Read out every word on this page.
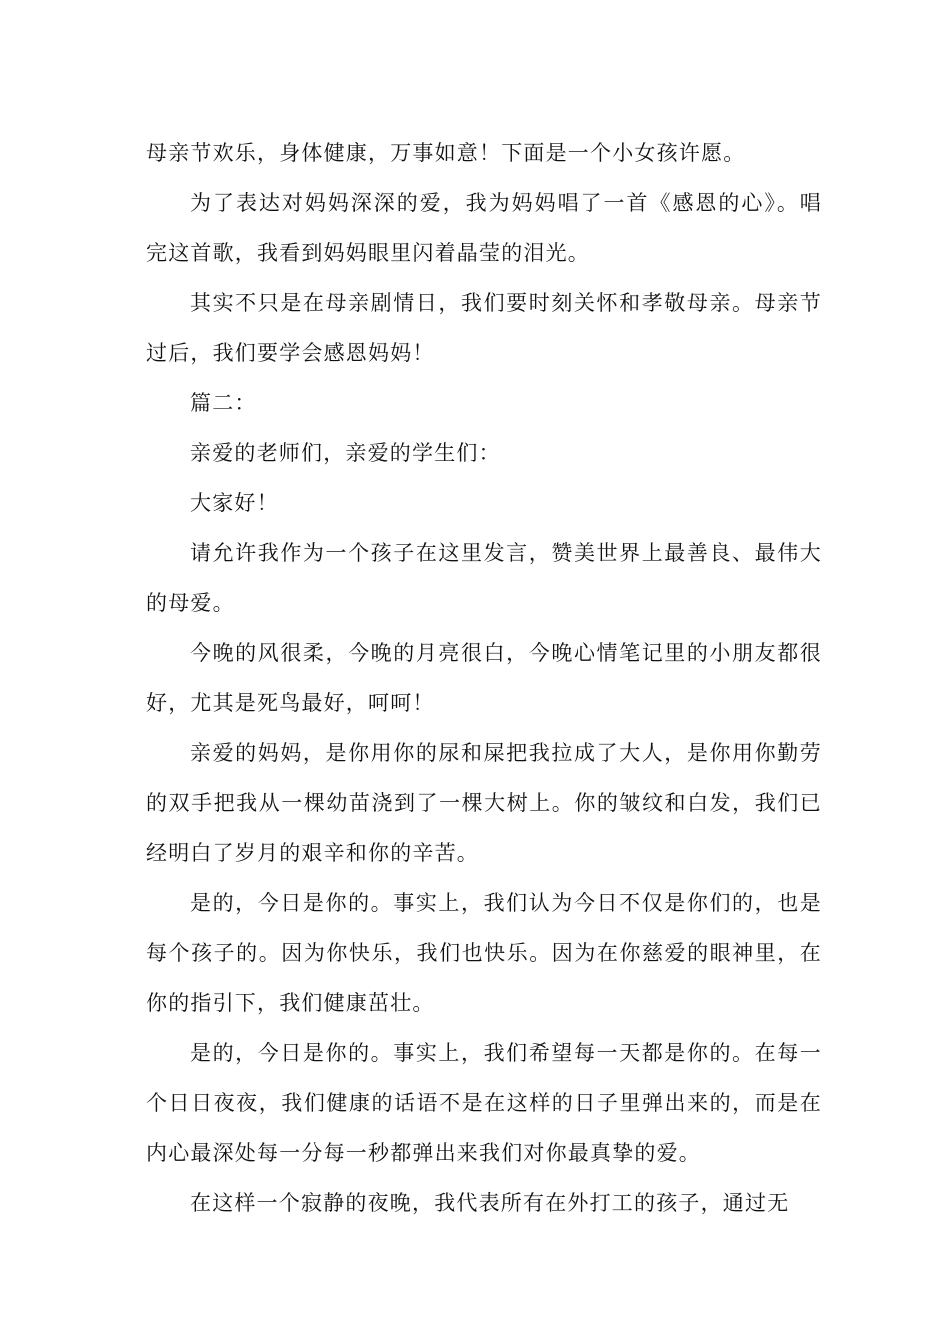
母亲节欢乐，身体健康，万事如意！下面是一个小女孩许愿。

为了表达对妈妈深深的爱，我为妈妈唱了一首《感恩的心》。唱完这首歌，我看到妈妈眼里闪着晶莹的泪光。

其实不只是在母亲剧情日，我们要时刻关怀和孝敬母亲。母亲节过后，我们要学会感恩妈妈！

篇二：

亲爱的老师们，亲爱的学生们：

大家好！

请允许我作为一个孩子在这里发言，赞美世界上最善良、最伟大的母爱。

今晚的风很柔，今晚的月亮很白，今晚心情笔记里的小朋友都很好，尤其是死鸟最好，呵呵！

亲爱的妈妈，是你用你的尿和屎把我拉成了大人，是你用你勤劳的双手把我从一棵幼苗浇到了一棵大树上。你的皱纹和白发，我们已经明白了岁月的艰辛和你的辛苦。

是的，今日是你的。事实上，我们认为今日不仅是你们的，也是每个孩子的。因为你快乐，我们也快乐。因为在你慈爱的眼神里，在你的指引下，我们健康茁壮。

是的，今日是你的。事实上，我们希望每一天都是你的。在每一个日日夜夜，我们健康的话语不是在这样的日子里弹出来的，而是在内心最深处每一分每一秒都弹出来我们对你最真挚的爱。

在这样一个寂静的夜晚，我代表所有在外打工的孩子，通过无
